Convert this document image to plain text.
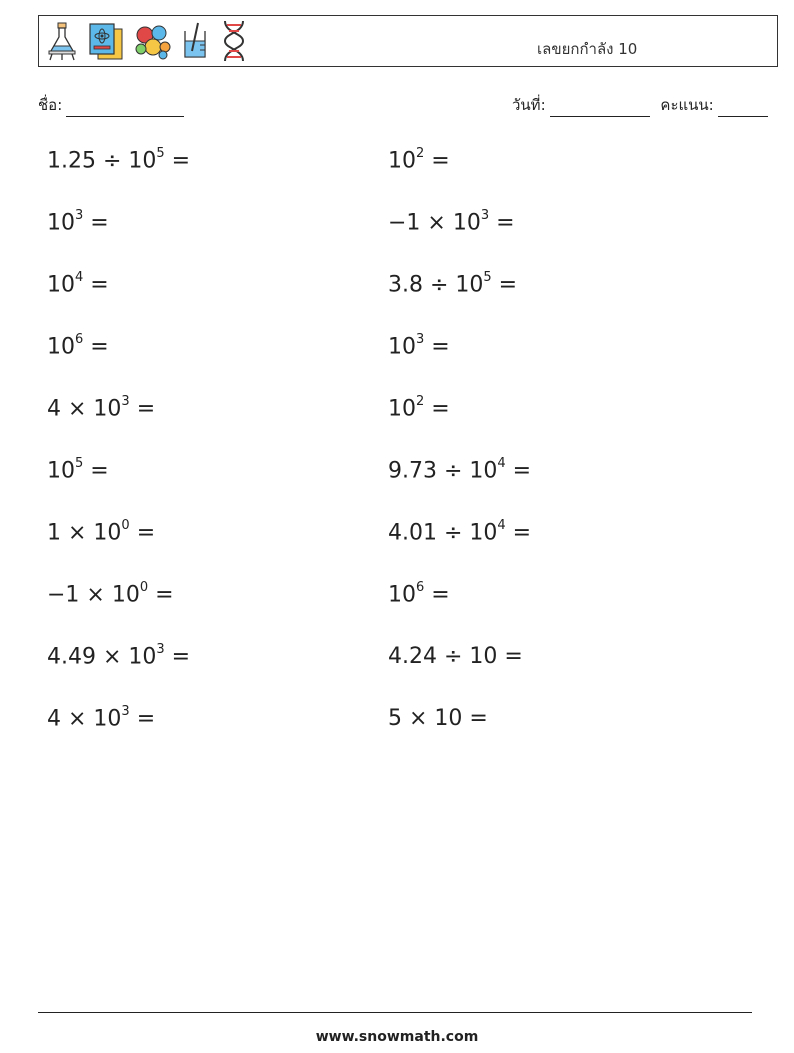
เลขยกกำลัง 10
ชื่อ:	วันที่:	คะแนน:
$1.25 \div 10^5$ =
$10^3$ =
$10^4$ =
$10^6$ =
$4 \times 10^3$ =
$10^5$ =
$1 \times 10^0$ =
$-1 \times 10^0$ =
$4.49 \times 10^3$ =
$4 \times 10^3$ =
$10^2$ =
$-1 \times 10^3$ =
$3.8 \div 10^5$ =
$10^3$ =
$10^2$ =
$9.73 \div 10^4$ =
$4.01 \div 10^4$ =
$10^6$ =
4.24 ÷ 10 =
5 × 10 =
www.snowmath.com
